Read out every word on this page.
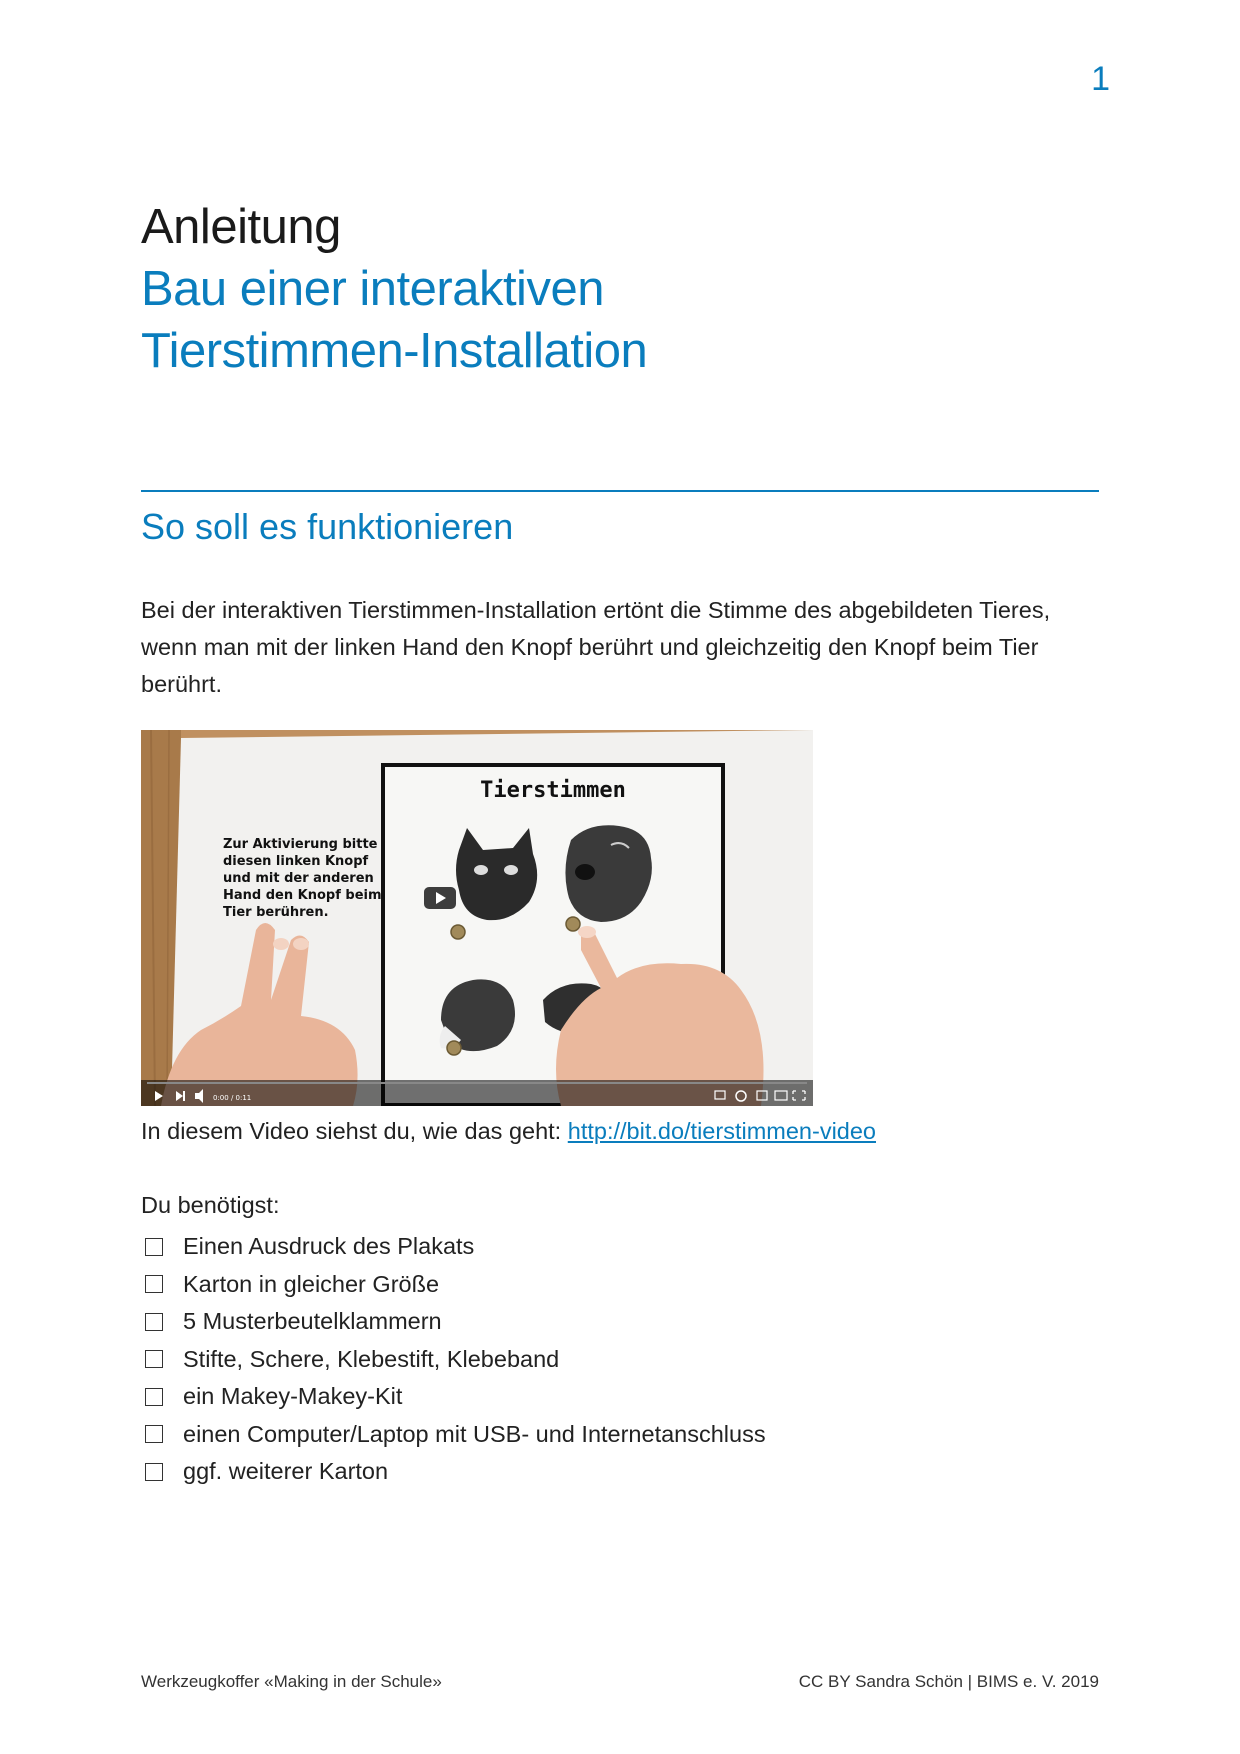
1
Anleitung
Bau einer interaktiven
Tierstimmen-Installation
So soll es funktionieren
Bei der interaktiven Tierstimmen-Installation ertönt die Stimme des abgebildeten Tieres, wenn man mit der linken Hand den Knopf berührt und gleichzeitig den Knopf beim Tier berührt.
Tierstimmen
Zur Aktivierung bitte
diesen linken Knopf
und mit der anderen
Hand den Knopf beim
Tier berühren.
0:00 / 0:11
In diesem Video siehst du, wie das geht: http://bit.do/tierstimmen-video
Du benötigst:
Einen Ausdruck des Plakats
Karton in gleicher Größe
5 Musterbeutelklammern
Stifte, Schere, Klebestift, Klebeband
ein Makey-Makey-Kit
einen Computer/Laptop mit USB- und Internetanschluss
ggf. weiterer Karton
Werkzeugkoffer «Making in der Schule»	CC BY Sandra Schön | BIMS e. V. 2019
